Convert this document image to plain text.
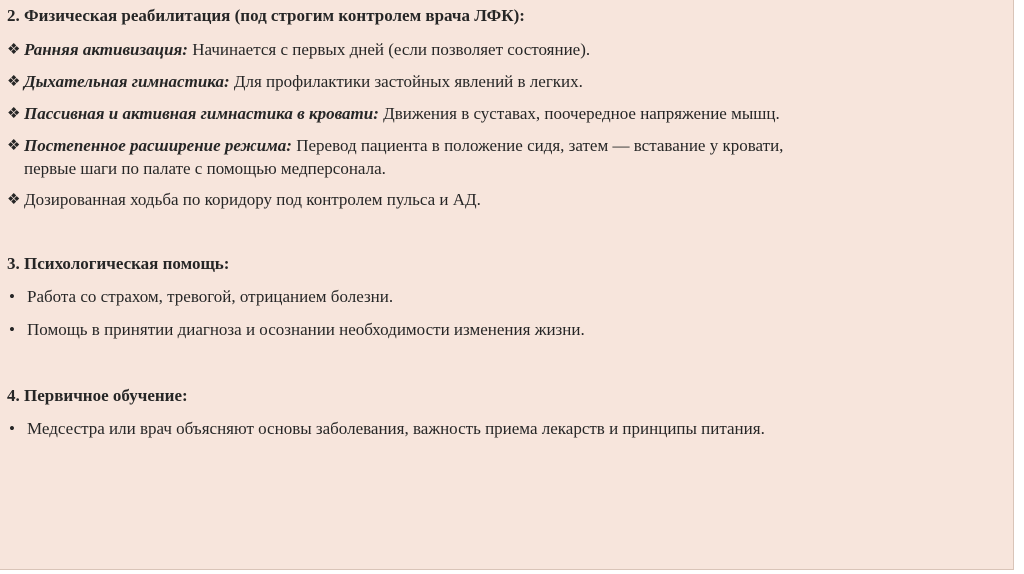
2. Физическая реабилитация (под строгим контролем врача ЛФК):
❖ Ранняя активизация: Начинается с первых дней (если позволяет состояние).
❖ Дыхательная гимнастика: Для профилактики застойных явлений в легких.
❖ Пассивная и активная гимнастика в кровати: Движения в суставах, поочередное напряжение мышц.
❖ Постепенное расширение режима: Перевод пациента в положение сидя, затем — вставание у кровати,
первые шаги по палате с помощью медперсонала.
❖ Дозированная ходьба по коридору под контролем пульса и АД.
3. Психологическая помощь:
• Работа со страхом, тревогой, отрицанием болезни.
• Помощь в принятии диагноза и осознании необходимости изменения жизни.
4. Первичное обучение:
• Медсестра или врач объясняют основы заболевания, важность приема лекарств и принципы питания.
